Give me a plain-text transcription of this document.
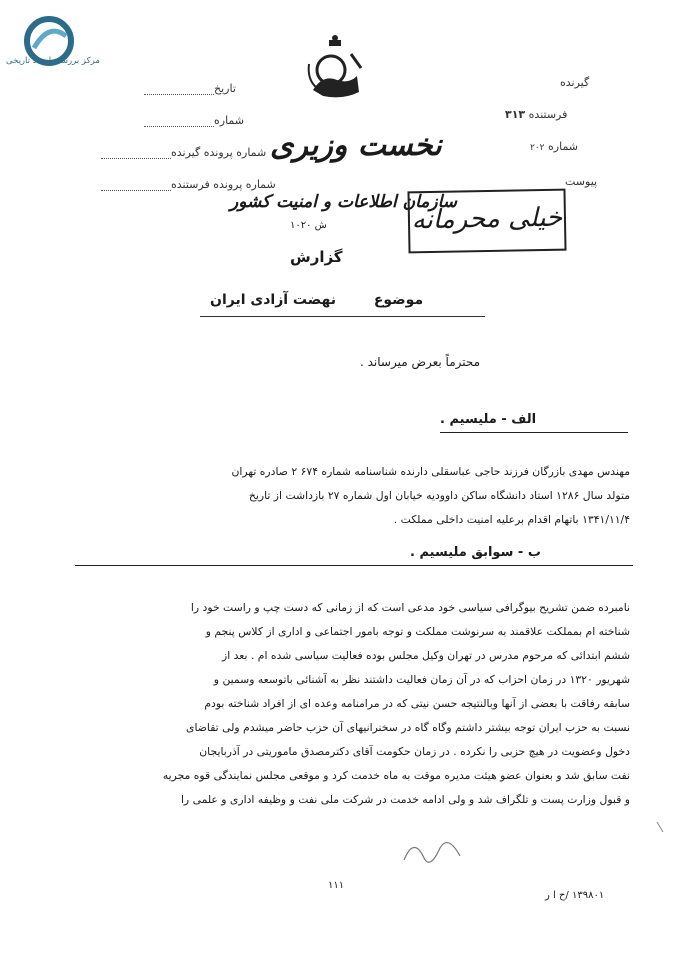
مرکز بررسی اسناد تاریخی
تاریخ
شماره
شماره پرونده گیرنده
شماره پرونده فرستنده
گیرنده
فرستنده ۳۱۳
شماره ۲۰۲
پیوست
نخست وزیری
سازمان اطلاعات و امنیت کشور
ش ۱۰۲۰
گزارش
خیلی محرمانه
موضوع  نهضت آزادی ایران
محترماً بعرض میرساند .
الف - ملیسیم .

مهندس مهدی بازرگان فرزند حاجی عباسقلی دارنده شناسنامه شماره ۶۷۴ ۲ صادره تهران

متولد سال ۱۲۸۶ استاد دانشگاه ساکن داوودیه خیابان اول شماره ۲۷ بازداشت از تاریخ

۱۳۴۱/۱۱/۴ باتهام اقدام برعلیه امنیت داخلی مملکت .

ب - سوابق ملیسیم .

نامبرده ضمن تشریح بیوگرافی سیاسی خود مدعی است که از زمانی که دست چپ و راست خود را

شناخته ام بمملکت علاقمند به سرنوشت مملکت و توجه بامور اجتماعی و اداری از کلاس پنجم و

ششم ابتدائی که مرحوم مدرس در تهران وکیل مجلس بوده فعالیت سیاسی شده ام . بعد از

شهریور ۱۳۲۰ در زمان احزاب که در آن زمان فعالیت داشتند نظر به آشنائی باتوسعه وسمین و

سابقه رفاقت با بعضی از آنها وبالنتیجه حسن نیتی که در مرامنامه وعده ای از افراد شناخته بودم

نسبت به حزب ایران توجه بیشتر داشتم وگاه گاه در سخنرانیهای آن حزب حاضر میشدم ولی تقاضای

دخول وعضویت در هیچ حزبی را نکرده . در زمان حکومت آقای دکترمصدق ماموریتی در آذربایجان

نفت سابق شد و بعنوان عضو هیئت مدیره موقت به ماه خدمت کرد و موقعی مجلس نمایندگی قوه مجریه

و قبول وزارت پست و تلگراف شد و ولی ادامه خدمت در شرکت ملی نفت و وظیفه اداری و علمی را

۱۱۱
۱۳۹۸۰۱ /ح ا ر
